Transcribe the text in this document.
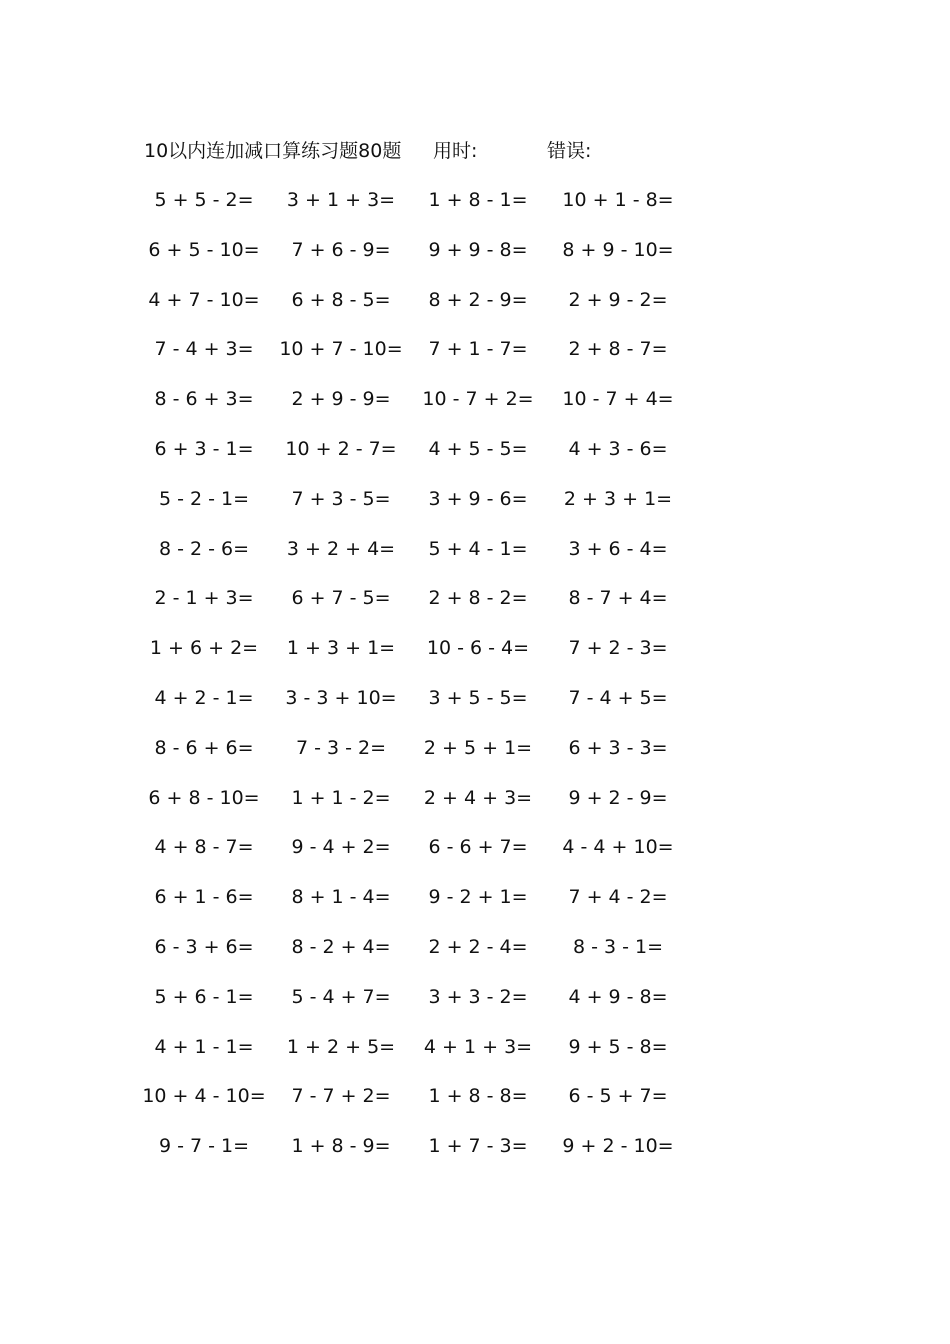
10以内连加减口算练习题80题 用时:	错误:
5 + 5 - 2=	3 + 1 + 3=	1 + 8 - 1=	10 + 1 - 8=
6 + 5 - 10=	7 + 6 - 9=	9 + 9 - 8=	8 + 9 - 10=
4 + 7 - 10=	6 + 8 - 5=	8 + 2 - 9=	2 + 9 - 2=
7 - 4 + 3=	10 + 7 - 10=	7 + 1 - 7=	2 + 8 - 7=
8 - 6 + 3=	2 + 9 - 9=	10 - 7 + 2=	10 - 7 + 4=
6 + 3 - 1=	10 + 2 - 7=	4 + 5 - 5=	4 + 3 - 6=
5 - 2 - 1=	7 + 3 - 5=	3 + 9 - 6=	2 + 3 + 1=
8 - 2 - 6=	3 + 2 + 4=	5 + 4 - 1=	3 + 6 - 4=
2 - 1 + 3=	6 + 7 - 5=	2 + 8 - 2=	8 - 7 + 4=
1 + 6 + 2=	1 + 3 + 1=	10 - 6 - 4=	7 + 2 - 3=
4 + 2 - 1=	3 - 3 + 10=	3 + 5 - 5=	7 - 4 + 5=
8 - 6 + 6=	7 - 3 - 2=	2 + 5 + 1=	6 + 3 - 3=
6 + 8 - 10=	1 + 1 - 2=	2 + 4 + 3=	9 + 2 - 9=
4 + 8 - 7=	9 - 4 + 2=	6 - 6 + 7=	4 - 4 + 10=
6 + 1 - 6=	8 + 1 - 4=	9 - 2 + 1=	7 + 4 - 2=
6 - 3 + 6=	8 - 2 + 4=	2 + 2 - 4=	8 - 3 - 1=
5 + 6 - 1=	5 - 4 + 7=	3 + 3 - 2=	4 + 9 - 8=
4 + 1 - 1=	1 + 2 + 5=	4 + 1 + 3=	9 + 5 - 8=
10 + 4 - 10=	7 - 7 + 2=	1 + 8 - 8=	6 - 5 + 7=
9 - 7 - 1=	1 + 8 - 9=	1 + 7 - 3=	9 + 2 - 10=
